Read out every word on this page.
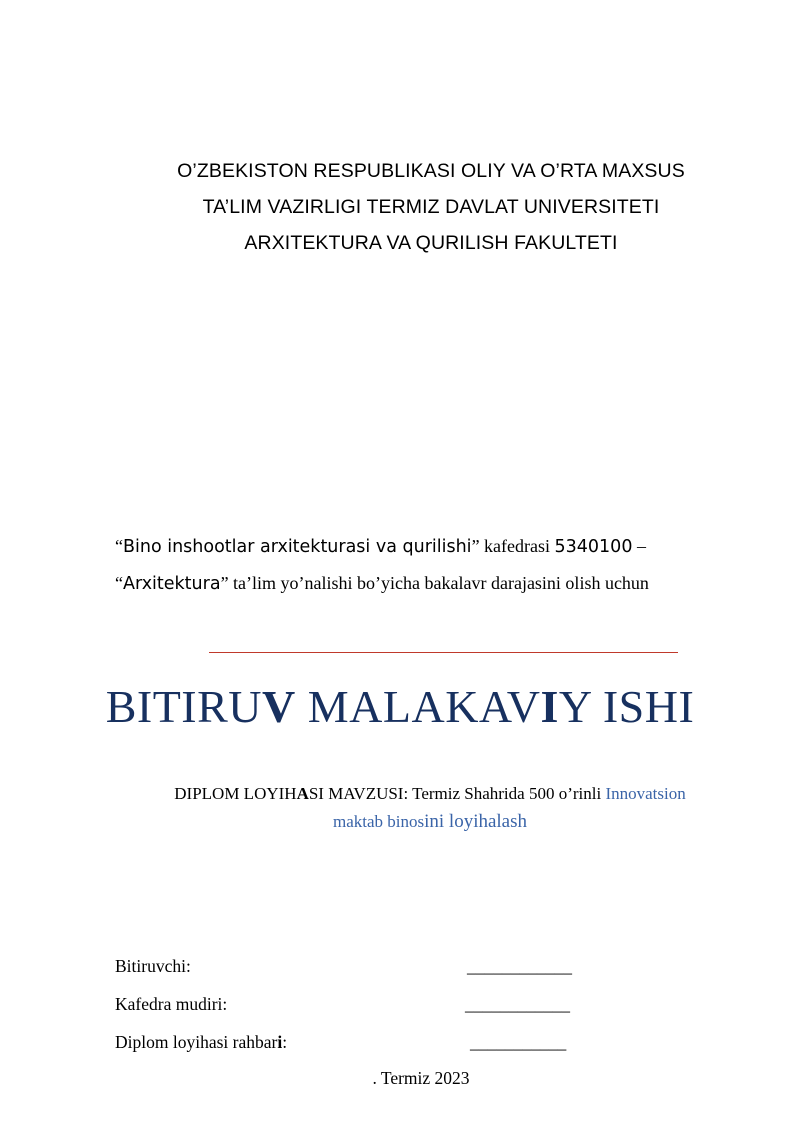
O’ZBEKISTON RESPUBLIKASI OLIY VA O’RTA MAXSUS
TA’LIM VAZIRLIGI TERMIZ DAVLAT UNIVERSITETI
ARXITEKTURA VA QURILISH FAKULTETI
“Bino inshootlar arxitekturasi va qurilishi” kafedrasi 5340100 –
“Arxitektura” ta’lim yo’nalishi bo’yicha bakalavr darajasini olish uchun
BITIRUV MALAKAVIY ISHI
DIPLOM LOYIHASI MAVZUSI: Termiz Shahrida 500 o’rinli Innovatsion
maktab binosini loyihalash
Bitiruvchi:	____________
Kafedra mudiri:	____________
Diplom loyihasi rahbari:	___________
. Termiz 2023
